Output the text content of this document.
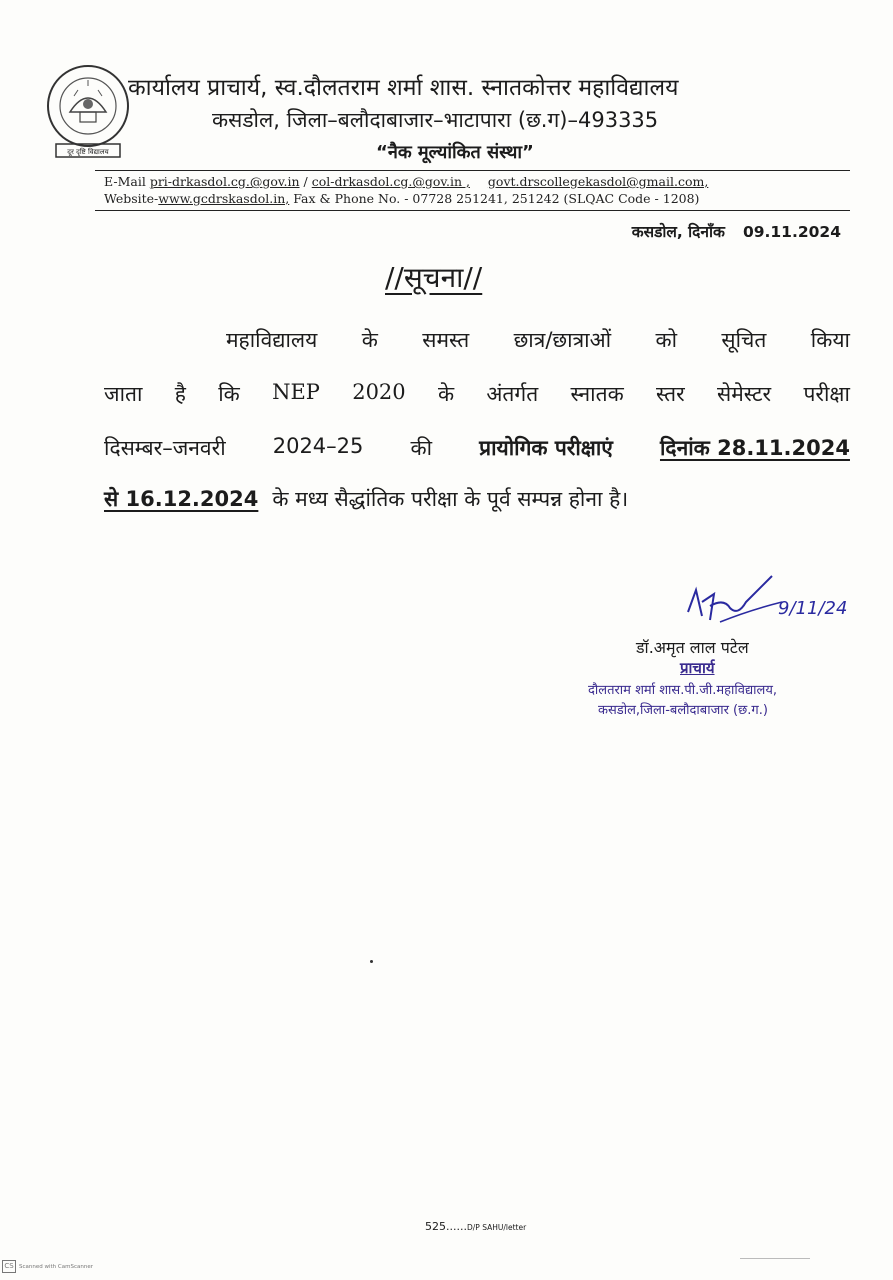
दूर दृष्टि विद्यालय
कार्यालय प्राचार्य, स्व.दौलतराम शर्मा शास. स्नातकोत्तर महाविद्यालय
कसडोल, जिला–बलौदाबाजार–भाटापारा (छ.ग)–493335
“नैक मूल्यांकित संस्था”
E-Mail pri-drkasdol.cg.@gov.in / col-drkasdol.cg.@gov.in , govt.drscollegekasdol@gmail.com,
Website-www.gcdrskasdol.in, Fax & Phone No. - 07728 251241, 251242 (SLQAC Code - 1208)
कसडोल, दिनाँक 09.11.2024
//सूचना//
महाविद्यालय के समस्त छात्र/छात्राओं को सूचित किया
जाता है कि NEP 2020 के अंतर्गत स्नातक स्तर सेमेस्टर परीक्षा
दिसम्बर–जनवरी 2024–25 की प्रायोगिक परीक्षाएं दिनांक 28.11.2024
से 16.12.2024 के मध्य सैद्धांतिक परीक्षा के पूर्व सम्पन्न होना है।
9/11/24
डॉ.अमृत लाल पटेल
प्राचार्य
दौलतराम शर्मा शास.पी.जी.महाविद्यालय,
कसडोल,जिला-बलौदाबाजार (छ.ग.)
525......D/P SAHU/letter
CS Scanned with CamScanner
